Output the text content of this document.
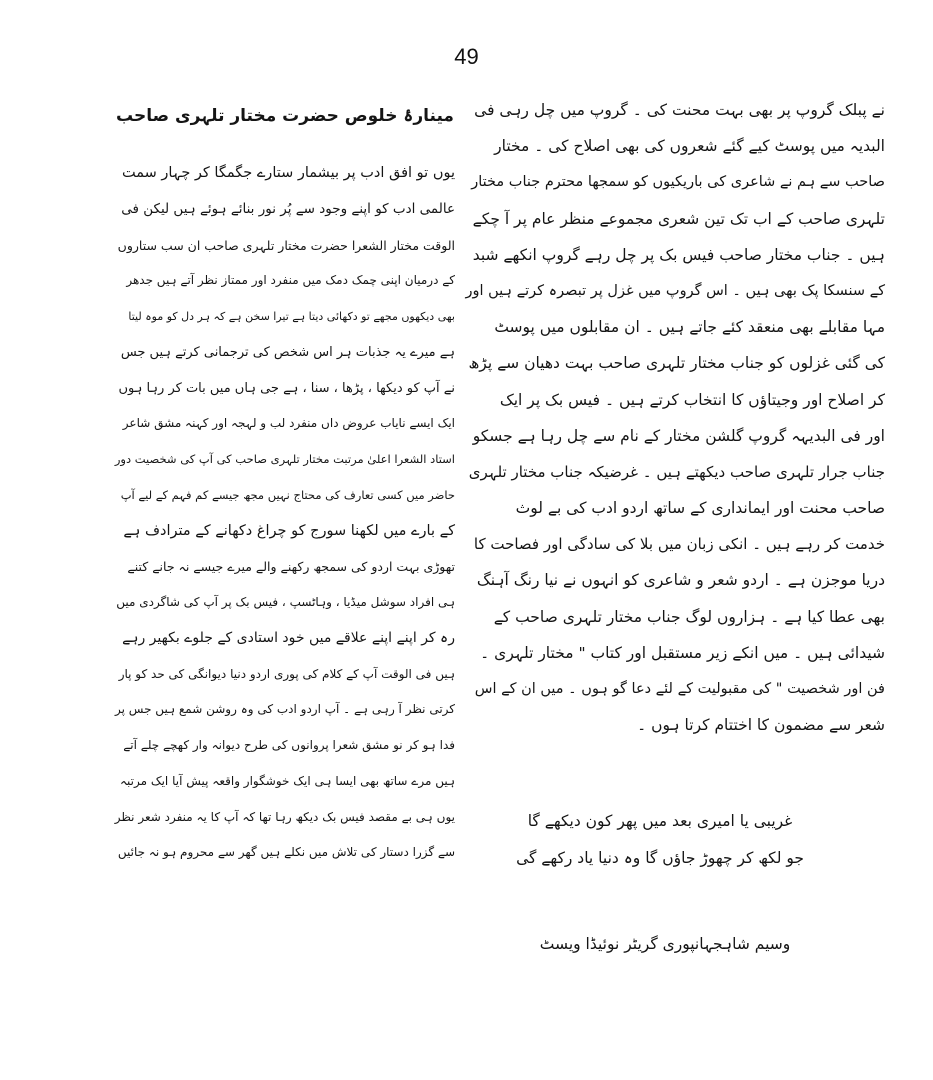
49
نے پبلک گروپ پر بھی بہت محنت کی ۔ گروپ میں چل رہی فی
البدیہ میں پوسٹ کیے گئے شعروں کی بھی اصلاح کی ۔ مختار
صاحب سے ہم نے شاعری کی باریکیوں کو سمجھا محترم جناب مختار
تلہری صاحب کے اب تک تین شعری مجموعے منظر عام پر آ چکے
ہیں ۔ جناب مختار صاحب فیس بک پر چل رہے گروپ انکھے شبد
کے سنسکا پک بھی ہیں ۔ اس گروپ میں غزل پر تبصرہ کرتے ہیں اور
مہا مقابلے بھی منعقد کئے جاتے ہیں ۔ ان مقابلوں میں پوسٹ
کی گئی غزلوں کو جناب مختار تلہری صاحب بہت دھیان سے پڑھ
کر اصلاح اور وجیتاؤں کا انتخاب کرتے ہیں ۔ فیس بک پر ایک
اور فی البدیہہ گروپ گلشن مختار کے نام سے چل رہا ہے جسکو
جناب جرار تلہری صاحب دیکھتے ہیں ۔ غرضیکہ جناب مختار تلہری
صاحب محنت اور ایمانداری کے ساتھ اردو ادب کی بے لوث
خدمت کر رہے ہیں ۔ انکی زبان میں بلا کی سادگی اور فصاحت کا
دریا موجزن ہے ۔ اردو شعر و شاعری کو انہوں نے نیا رنگ آہنگ
بھی عطا کیا ہے ۔ ہزاروں لوگ جناب مختار تلہری صاحب کے
شیدائی ہیں ۔ میں انکے زیر مستقبل اور کتاب " مختار تلہری ۔
فن اور شخصیت " کی مقبولیت کے لئے دعا گو ہوں ۔ میں ان کے اس
شعر سے مضمون کا اختتام کرتا ہوں ۔
غریبی یا امیری بعد میں پھر کون دیکھے گا
جو لکھ کر چھوڑ جاؤں گا وہ دنیا یاد رکھے گی
وسیم شاہجہانپوری گریٹر نوئیڈا ویسٹ
مینارۂ خلوص حضرت مختار تلہری صاحب
یوں تو افق ادب پر بیشمار ستارے جگمگا کر چہار سمت
عالمی ادب کو اپنے وجود سے پُر نور بنائے ہوئے ہیں لیکن فی
الوقت مختار الشعرا حضرت مختار تلہری صاحب ان سب ستاروں
کے درمیان اپنی چمک دمک میں منفرد اور ممتاز نظر آتے ہیں جدھر
بھی دیکھوں مجھے تو دکھائی دیتا ہے تیرا سخن ہے کہ ہر دل کو موہ لیتا
ہے میرے یہ جذبات ہر اس شخص کی ترجمانی کرتے ہیں جس
نے آپ کو دیکھا ، پڑھا ، سنا ، ہے جی ہاں میں بات کر رہا ہوں
ایک ایسے نایاب عروض داں منفرد لب و لہجہ اور کہنہ مشق شاعر
استاد الشعرا اعلیٰ مرتبت مختار تلہری صاحب کی آپ کی شخصیت دور
حاضر میں کسی تعارف کی محتاج نہیں مجھ جیسے کم فہم کے لیے آپ
کے بارے میں لکھنا سورج کو چراغ دکھانے کے مترادف ہے
تھوڑی بہت اردو کی سمجھ رکھنے والے میرے جیسے نہ جانے کتنے
ہی افراد سوشل میڈیا ، وہاٹسپ ، فیس بک پر آپ کی شاگردی میں
رہ کر اپنے اپنے علاقے میں خود استادی کے جلوے بکھیر رہے
ہیں فی الوقت آپ کے کلام کی پوری اردو دنیا دیوانگی کی حد کو پار
کرتی نظر آ رہی ہے ۔ آپ اردو ادب کی وہ روشن شمع ہیں جس پر
فدا ہو کر نو مشق شعرا پروانوں کی طرح دیوانہ وار کھچے چلے آتے
ہیں مرے ساتھ بھی ایسا ہی ایک خوشگوار واقعہ پیش آیا ایک مرتبہ
یوں ہی بے مقصد فیس بک دیکھ رہا تھا کہ آپ کا یہ منفرد شعر نظر
سے گزرا دستار کی تلاش میں نکلے ہیں گھر سے محروم ہو نہ جائیں
